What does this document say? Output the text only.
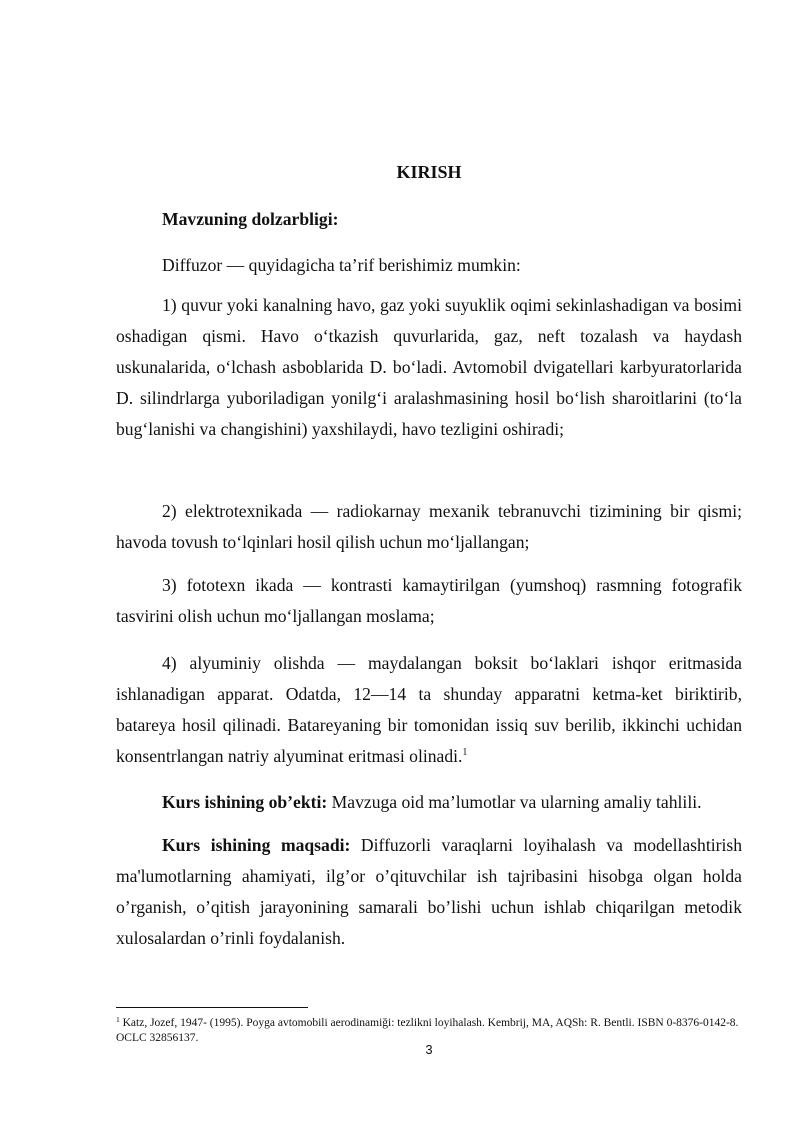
KIRISH

Mavzuning dolzarbligi:

Diffuzor — quyidagicha ta’rif berishimiz mumkin:

1) quvur yoki kanalning havo, gaz yoki suyuklik oqimi sekinlashadigan va bosimi oshadigan qismi. Havo o‘tkazish quvurlarida, gaz, neft tozalash va haydash uskunalarida, o‘lchash asboblarida D. bo‘ladi. Avtomobil dvigatellari karbyuratorlarida D. silindrlarga yuboriladigan yonilg‘i aralashmasining hosil bo‘lish sharoitlarini (to‘la bug‘lanishi va changishini) yaxshilaydi, havo tezligini oshiradi;

2) elektrotexnikada — radiokarnay mexanik tebranuvchi tizimining bir qismi; havoda tovush to‘lqinlari hosil qilish uchun mo‘ljallangan;

3) fototexn ikada — kontrasti kamaytirilgan (yumshoq) rasmning fotografik tasvirini olish uchun mo‘ljallangan moslama;

4) alyuminiy olishda — maydalangan boksit bo‘laklari ishqor eritmasida ishlanadigan apparat. Odatda, 12—14 ta shunday apparatni ketma-ket biriktirib, batareya hosil qilinadi. Batareyaning bir tomonidan issiq suv berilib, ikkinchi uchidan konsentrlangan natriy alyuminat eritmasi olinadi.$^1$

Kurs ishining ob’ekti: Mavzuga oid ma’lumotlar va ularning amaliy tahlili.

Kurs ishining maqsadi: Diffuzorli varaqlarni loyihalash va modellashtirish ma'lumotlarning ahamiyati, ilg’or o’qituvchilar ish tajribasini hisobga olgan holda o’rganish, o’qitish jarayonining samarali bo’lishi uchun ishlab chiqarilgan metodik xulosalardan o’rinli foydalanish.

$^1$ Katz, Jozef, 1947- (1995). Poyga avtomobili aerodinamiği: tezlikni loyihalash. Kembrij, MA, AQSh: R. Bentli. ISBN 0-8376-0142-8. OCLC 32856137.

3
